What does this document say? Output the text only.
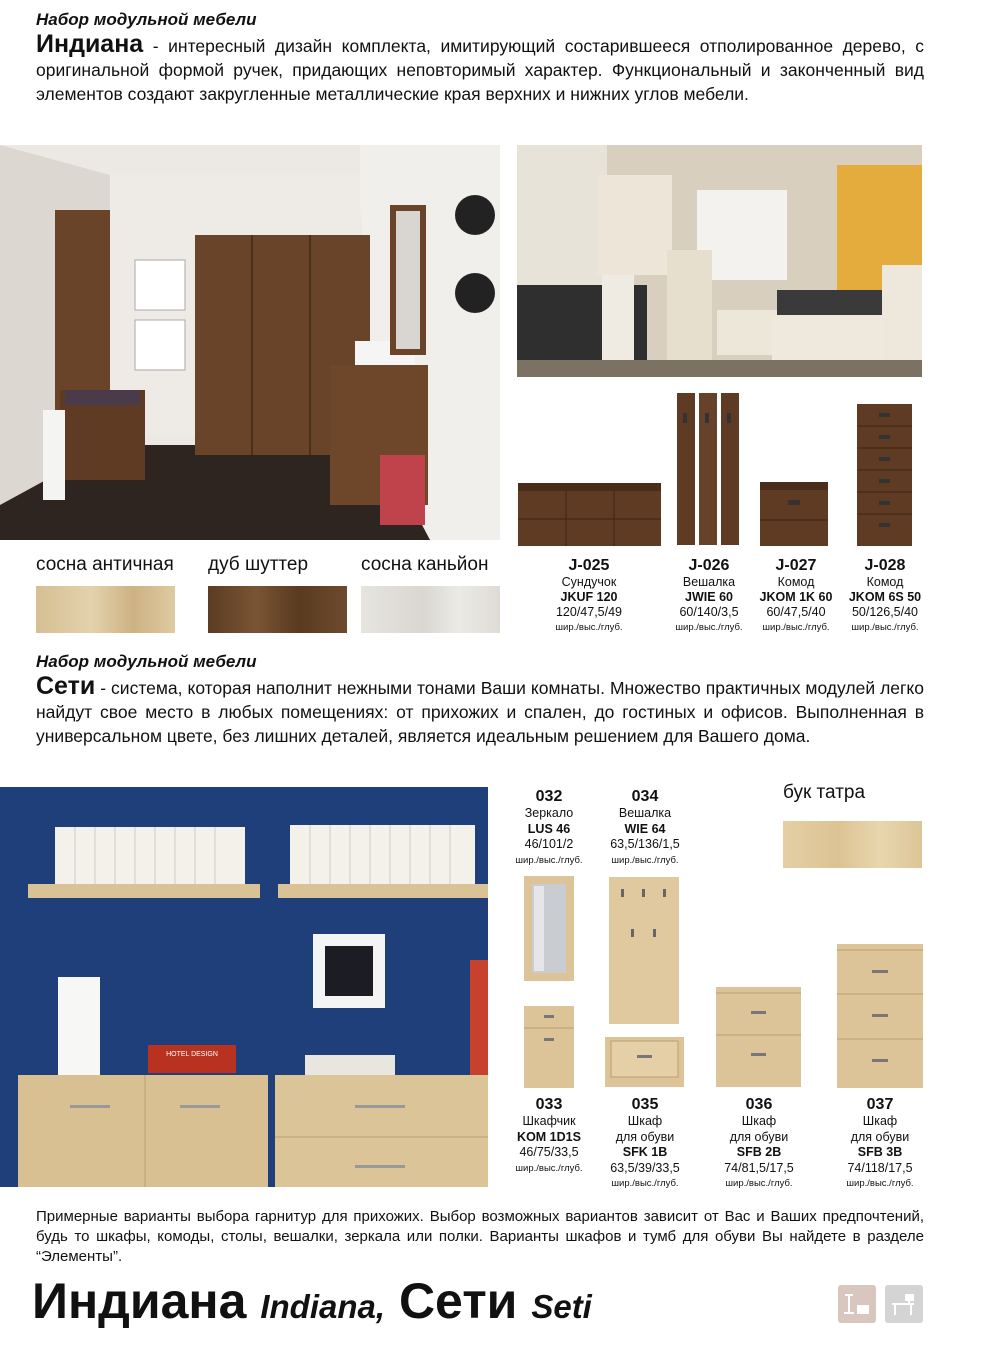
Набор модульной мебели
Индиана - интересный дизайн комплекта, имитирующий состарившееся отполированное дерево, с оригинальной формой ручек, придающих неповторимый характер. Функциональный и законченный вид элементов создают закругленные металлические края верхних и нижних углов мебели.
сосна античная дуб шуттер	сосна каньйон	J-025
Сундучок
JKUF 120
120/47,5/49
шир./выс./глуб.
J-026
Вешалка
JWIE 60
60/140/3,5
шир./выс./глуб.
J-027
Комод
JKOM 1K 60
60/47,5/40
шир./выс./глуб.
J-028
Комод
JKOM 6S 50
50/126,5/40
шир./выс./глуб.
Набор модульной мебели
Сети - система, которая наполнит нежными тонами Ваши комнаты. Множество практичных модулей легко найдут свое место в любых помещениях: от прихожих и спален, до гостиных и офисов. Выполненная в универсальном цвете, без лишних деталей, является идеальным решением для Вашего дома.
HOTEL DESIGN
032
Зеркало
LUS 46
46/101/2
шир./выс./глуб.
034
Вешалка
WIE 64
63,5/136/1,5
шир./выс./глуб.
бук татра
033
Шкафчик
KOM 1D1S
46/75/33,5
шир./выс./глуб.
035
Шкаф
для обуви
SFK 1B
63,5/39/33,5
шир./выс./глуб.
036
Шкаф
для обуви
SFB 2B
74/81,5/17,5
шир./выс./глуб.
037
Шкаф
для обуви
SFB 3B
74/118/17,5
шир./выс./глуб.
Примерные варианты выбора гарнитур для прихожих. Выбор возможных вариантов зависит от Вас и Ваших предпочтений, будь то шкафы, комоды, столы, вешалки, зеркала или полки. Варианты шкафов и тумб для обуви Вы найдете в разделе “Элементы”.
Индиана Indiana, Сети Seti
